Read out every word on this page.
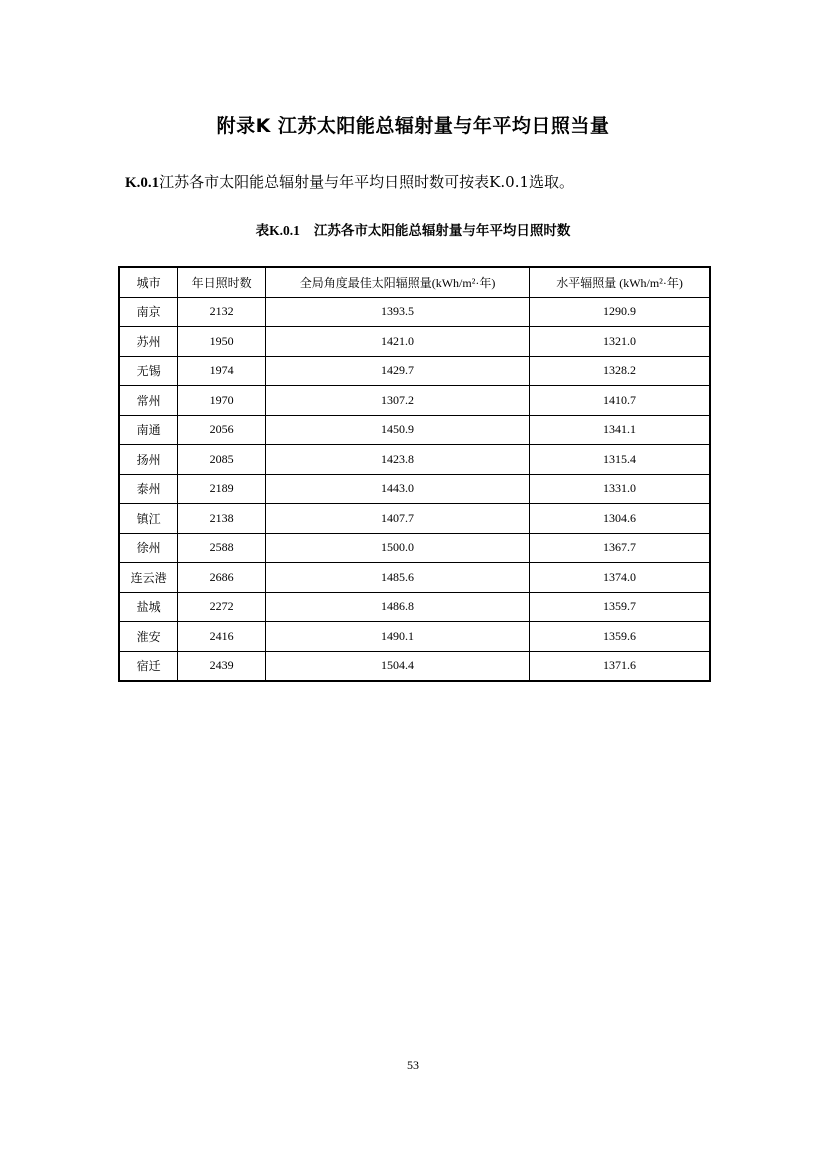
附录K 江苏太阳能总辐射量与年平均日照当量
K.0.1江苏各市太阳能总辐射量与年平均日照时数可按表K.0.1选取。
表K.0.1 江苏各市太阳能总辐射量与年平均日照时数
城市	年日照时数	全局角度最佳太阳辐照量(kWh/m²·年)	水平辐照量 (kWh/m²·年)
南京	2132	1393.5	1290.9
苏州	1950	1421.0	1321.0
无锡	1974	1429.7	1328.2
常州	1970	1307.2	1410.7
南通	2056	1450.9	1341.1
扬州	2085	1423.8	1315.4
泰州	2189	1443.0	1331.0
镇江	2138	1407.7	1304.6
徐州	2588	1500.0	1367.7
连云港	2686	1485.6	1374.0
盐城	2272	1486.8	1359.7
淮安	2416	1490.1	1359.6
宿迁	2439	1504.4	1371.6
53
